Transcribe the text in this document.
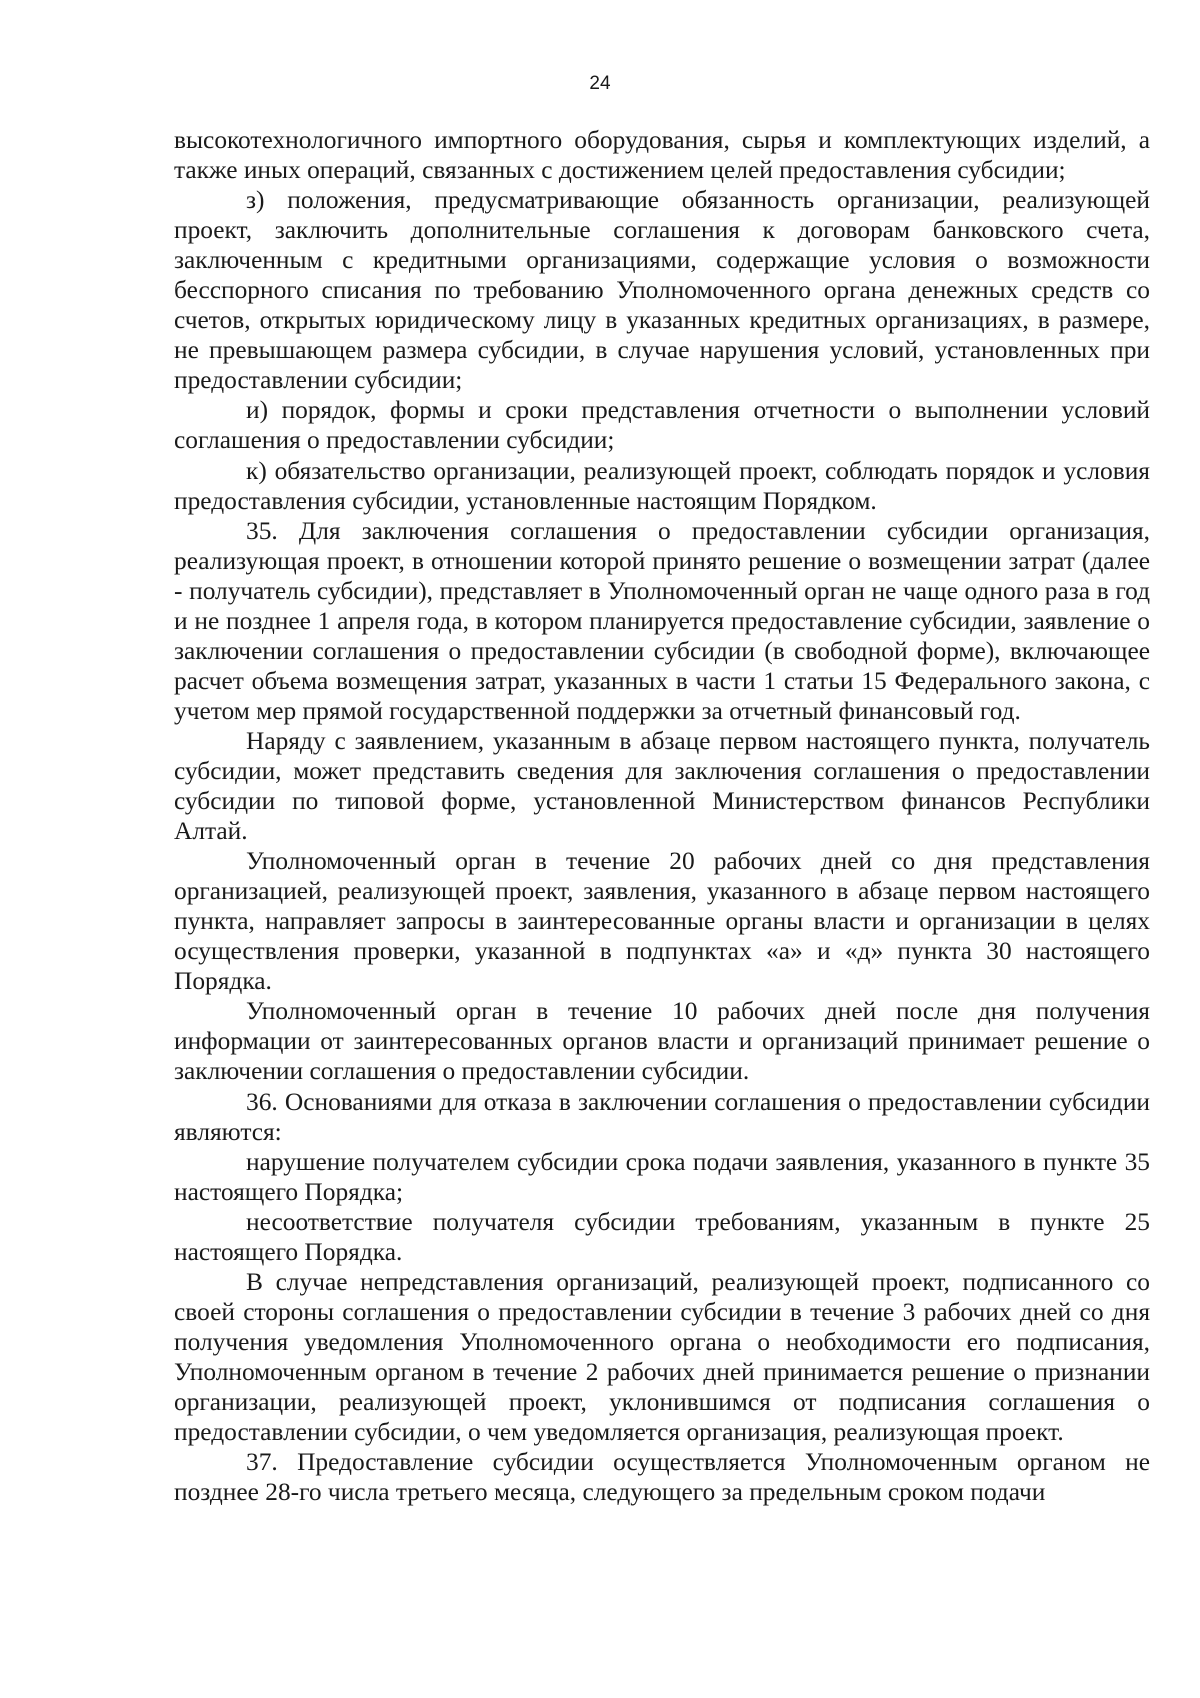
24

высокотехнологичного импортного оборудования, сырья и комплектующих изделий, а также иных операций, связанных с достижением целей предоставления субсидии;

з) положения, предусматривающие обязанность организации, реализующей проект, заключить дополнительные соглашения к договорам банковского счета, заключенным с кредитными организациями, содержащие условия о возможности бесспорного списания по требованию Уполномоченного органа денежных средств со счетов, открытых юридическому лицу в указанных кредитных организациях, в размере, не превышающем размера субсидии, в случае нарушения условий, установленных при предоставлении субсидии;

и) порядок, формы и сроки представления отчетности о выполнении условий соглашения о предоставлении субсидии;

к) обязательство организации, реализующей проект, соблюдать порядок и условия предоставления субсидии, установленные настоящим Порядком.

35. Для заключения соглашения о предоставлении субсидии организация, реализующая проект, в отношении которой принято решение о возмещении затрат (далее - получатель субсидии), представляет в Уполномоченный орган не чаще одного раза в год и не позднее 1 апреля года, в котором планируется предоставление субсидии, заявление о заключении соглашения о предоставлении субсидии (в свободной форме), включающее расчет объема возмещения затрат, указанных в части 1 статьи 15 Федерального закона, с учетом мер прямой государственной поддержки за отчетный финансовый год.

Наряду с заявлением, указанным в абзаце первом настоящего пункта, получатель субсидии, может представить сведения для заключения соглашения о предоставлении субсидии по типовой форме, установленной Министерством финансов Республики Алтай.

Уполномоченный орган в течение 20 рабочих дней со дня представления организацией, реализующей проект, заявления, указанного в абзаце первом настоящего пункта, направляет запросы в заинтересованные органы власти и организации в целях осуществления проверки, указанной в подпунктах «а» и «д» пункта 30 настоящего Порядка.

Уполномоченный орган в течение 10 рабочих дней после дня получения информации от заинтересованных органов власти и организаций принимает решение о заключении соглашения о предоставлении субсидии.

36. Основаниями для отказа в заключении соглашения о предоставлении субсидии являются:

нарушение получателем субсидии срока подачи заявления, указанного в пункте 35 настоящего Порядка;

несоответствие получателя субсидии требованиям, указанным в пункте 25 настоящего Порядка.

В случае непредставления организаций, реализующей проект, подписанного со своей стороны соглашения о предоставлении субсидии в течение 3 рабочих дней со дня получения уведомления Уполномоченного органа о необходимости его подписания, Уполномоченным органом в течение 2 рабочих дней принимается решение о признании организации, реализующей проект, уклонившимся от подписания соглашения о предоставлении субсидии, о чем уведомляется организация, реализующая проект.

37. Предоставление субсидии осуществляется Уполномоченным органом не позднее 28-го числа третьего месяца, следующего за предельным сроком подачи
